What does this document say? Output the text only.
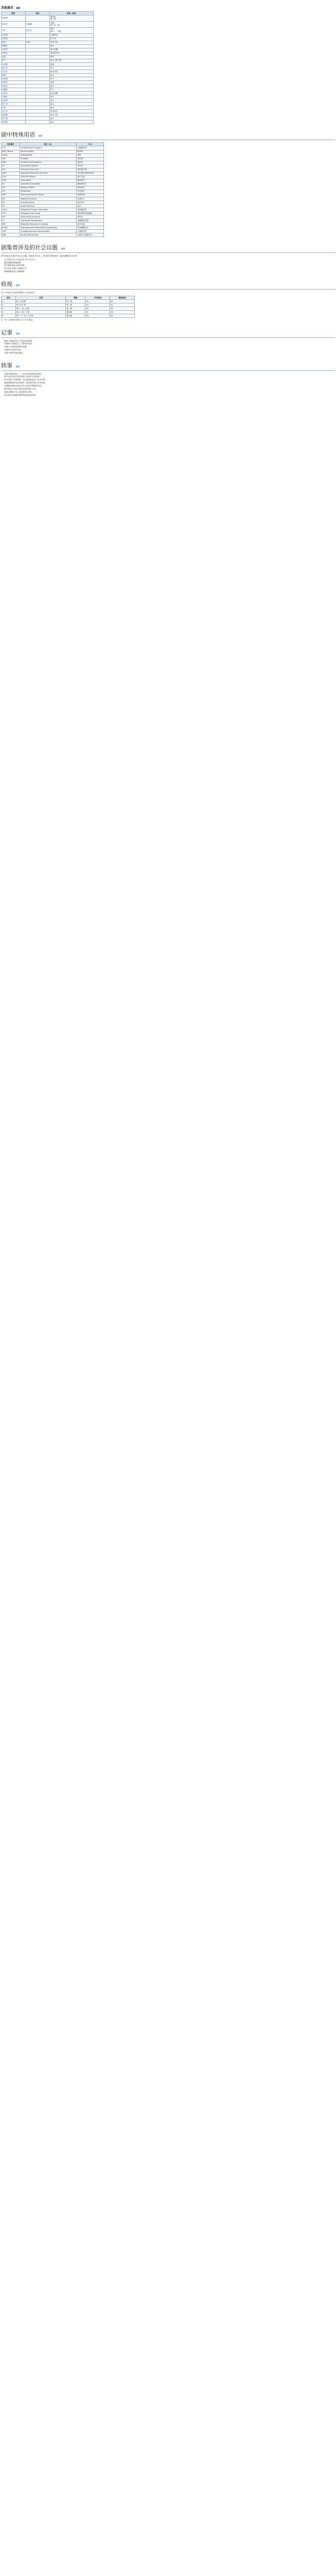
其他演员 编辑
演员	角色	职务／备注
黄智贤		保安员
第一集
陈百祥	何展鹏	总監
第一至二集
刘江	张大文	院长
(第一、二集)
江欣燕		心理医生
邓兆尊		护士长
秦沛	何旭	医生父亲
黎耀祥		病人
李成昌		病人家属
吴家乐		急症室医生
麦包		保安
罗兰		病人 (第三集)
吴卓羲		客串
郭少芸		护士
苏玉华		病人母亲
胡枫		病人
杨卓娜		护士
黄浩然		客串
张达伦		病人
林漪娸		护士
袁洁仪		病人家属
马海伦		病人
邵传勇		医生
何广沛		病人
罗莽		病人
李子奇		实习医生
张国强		病人父亲
蔡子健		病人
朱咪咪		病人
剧中特殊用语 编辑
英语缩写	英语（全）	中文
CTS	Cardiothoracic Surgery	心胸肺外科
NES / Neuro	Neuro-surgery	脑外科
Ortho	Orthopaedic	骨科
Uro	Urology	泌尿科
A&E	Accident & Emergency	急症室
OT	Operating Theatre	手术室
ICU	Intensive Care Unit	深切治疗部
NICU	Neonatal Intensive Care Unit	初生婴儿深切治疗部
COS	Chief of Service	部门主管
CON	Consultant	顾问医生
AC	Associate Consultant	副顾问医生
MO	Medical Officer	驻院医生
HO	Houseman	实习医生
APN	Advanced Practice Nurse	资深护师
RN	Registered Nurse	注册护士
EN	Enrolled Nurse	登记护士
BP	Blood Pressure	血压
SpO2	Peripheral Oxygen Saturation	血氧饱和度
GCS	Glasgow Coma Scale	格拉斯哥昏迷指数
ICP	Intracranial Pressure	颅内压
CT	Computed Tomography	电脑断层扫描
MRI	Magnetic Resonance Imaging	磁力共振
ECMO	Extracorporeal Membrane Oxygenation	体外膜肺氧合
CPR	Cardiopulmonary Resuscitation	心肺复苏法
DNR	Do Not Resuscitate	不施行心肺复苏术
剧集曾涉及的社会议题 编辑

剧中曾涉及多项医疗及社会议题，例如医疗失误、公私营医疗系统差异、器官捐赠及安乐死等。

• 公立医院人手不足及医护人员工作压力
• 器官捐赠及移植轮候
• 医疗事故及病人投诉机制
• 安乐死及不施行心肺复苏术
• 精神健康及病人家属照顾
收视 编辑

以下为本剧于无线电视翡翠台之收视纪录：

周次	日期	集数	平均收视	最高收视
1	第一至五集	第一周	28	30
2	第六至十集	第二周	29	31
3	第十一至十五集	第三周	30	32
4	第十六至二十集	第四周	31	33
5	第二十一至二十五集	第五周	33	35

注：每一点收视代表约六万五千名观众。

记事 编辑
• 剧组于香港多间公立医院取景拍摄。
• 本剧举行开镜仪式，主要演员出席。
• 本剧于无线电视翡翠台首播。
• 本剧举行收视庆功宴。
• 本剧于海外电视台播出。
轶事 编辑
• 本剧为系列作品之一，部分演员延续前作角色。
• 剧中大部分医疗术语均经专业医护人员审核。
• 部分场景于片场搭建，以还原急症室及手术室环境。
• 剧组曾邀请医生担任顾问，指导演员进行手术场面。
• 本剧播出期间引起社会对公营医疗系统的讨论。
• 剧中角色名字部分取材自真实医护人员。
• 本剧主题曲于各大音乐颁奖礼获奖。
• 部分演员为拍摄本剧特别接受急救训练。
